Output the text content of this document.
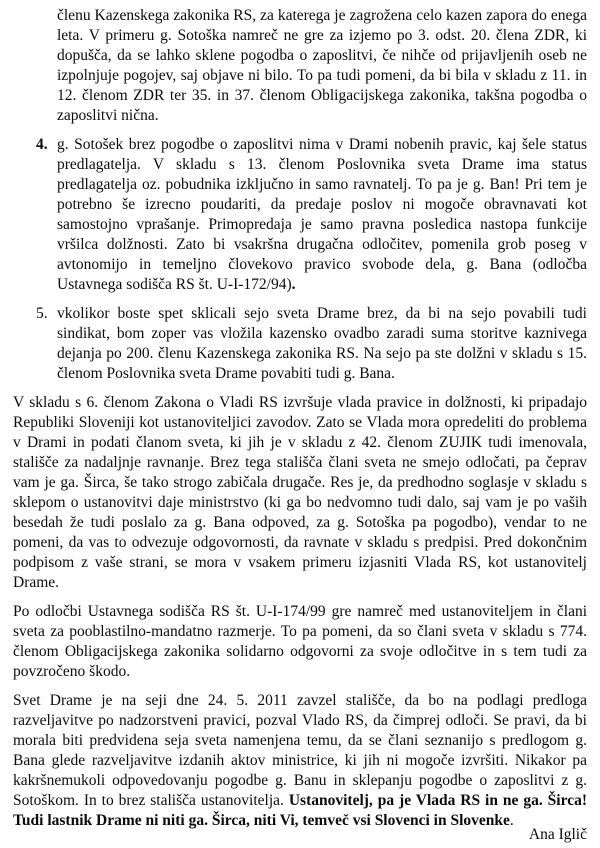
členu Kazenskega zakonika RS, za katerega je zagrožena celo kazen zapora do enega leta. V primeru g. Sotoška namreč ne gre za izjemo po 3. odst. 20. člena ZDR, ki dopušča, da se lahko sklene pogodba o zaposlitvi, če nihče od prijavljenih oseb ne izpolnjuje pogojev, saj objave ni bilo. To pa tudi pomeni, da bi bila v skladu z 11. in 12. členom ZDR ter 35. in 37. členom Obligacijskega zakonika, takšna pogodba o zaposlitvi nična.

4. g. Sotošek brez pogodbe o zaposlitvi nima v Drami nobenih pravic, kaj šele status predlagatelja. V skladu s 13. členom Poslovnika sveta Drame ima status predlagatelja oz. pobudnika izključno in samo ravnatelj. To pa je g. Ban! Pri tem je potrebno še izrecno poudariti, da predaje poslov ni mogoče obravnavati kot samostojno vprašanje. Primopredaja je samo pravna posledica nastopa funkcije vršilca dolžnosti. Zato bi vsakršna drugačna odločitev, pomenila grob poseg v avtonomijo in temeljno človekovo pravico svobode dela, g. Bana (odločba Ustavnega sodišča RS št. U-I-172/94).
5. vkolikor boste spet sklicali sejo sveta Drame brez, da bi na sejo povabili tudi sindikat, bom zoper vas vložila kazensko ovadbo zaradi suma storitve kaznivega dejanja po 200. členu Kazenskega zakonika RS. Na sejo pa ste dolžni v skladu s 15. členom Poslovnika sveta Drame povabiti tudi g. Bana.

V skladu s 6. členom Zakona o Vladi RS izvršuje vlada pravice in dolžnosti, ki pripadajo Republiki Sloveniji kot ustanoviteljici zavodov. Zato se Vlada mora opredeliti do problema v Drami in podati članom sveta, ki jih je v skladu z 42. členom ZUJIK tudi imenovala, stališče za nadaljnje ravnanje. Brez tega stališča člani sveta ne smejo odločati, pa čeprav vam je ga. Širca, še tako strogo zabičala drugače. Res je, da predhodno soglasje v skladu s sklepom o ustanovitvi daje ministrstvo (ki ga bo nedvomno tudi dalo, saj vam je po vaših besedah že tudi poslalo za g. Bana odpoved, za g. Sotoška pa pogodbo), vendar to ne pomeni, da vas to odvezuje odgovornosti, da ravnate v skladu s predpisi. Pred dokončnim podpisom z vaše strani, se mora v vsakem primeru izjasniti Vlada RS, kot ustanovitelj Drame.

Po odločbi Ustavnega sodišča RS št. U-I-174/99 gre namreč med ustanoviteljem in člani sveta za pooblastilno-mandatno razmerje. To pa pomeni, da so člani sveta v skladu s 774. členom Obligacijskega zakonika solidarno odgovorni za svoje odločitve in s tem tudi za povzročeno škodo.

Svet Drame je na seji dne 24. 5. 2011 zavzel stališče, da bo na podlagi predloga razveljavitve po nadzorstveni pravici, pozval Vlado RS, da čimprej odloči. Se pravi, da bi morala biti predvidena seja sveta namenjena temu, da se člani seznanijo s predlogom g. Bana glede razveljavitve izdanih aktov ministrice, ki jih ni mogoče izvršiti. Nikakor pa kakršnemukoli odpovedovanju pogodbe g. Banu in sklepanju pogodbe o zaposlitvi z g. Sotoškom. In to brez stališča ustanovitelja. Ustanovitelj, pa je Vlada RS in ne ga. Širca! Tudi lastnik Drame ni niti ga. Širca, niti Vi, temveč vsi Slovenci in Slovenke.

Ana Iglič
